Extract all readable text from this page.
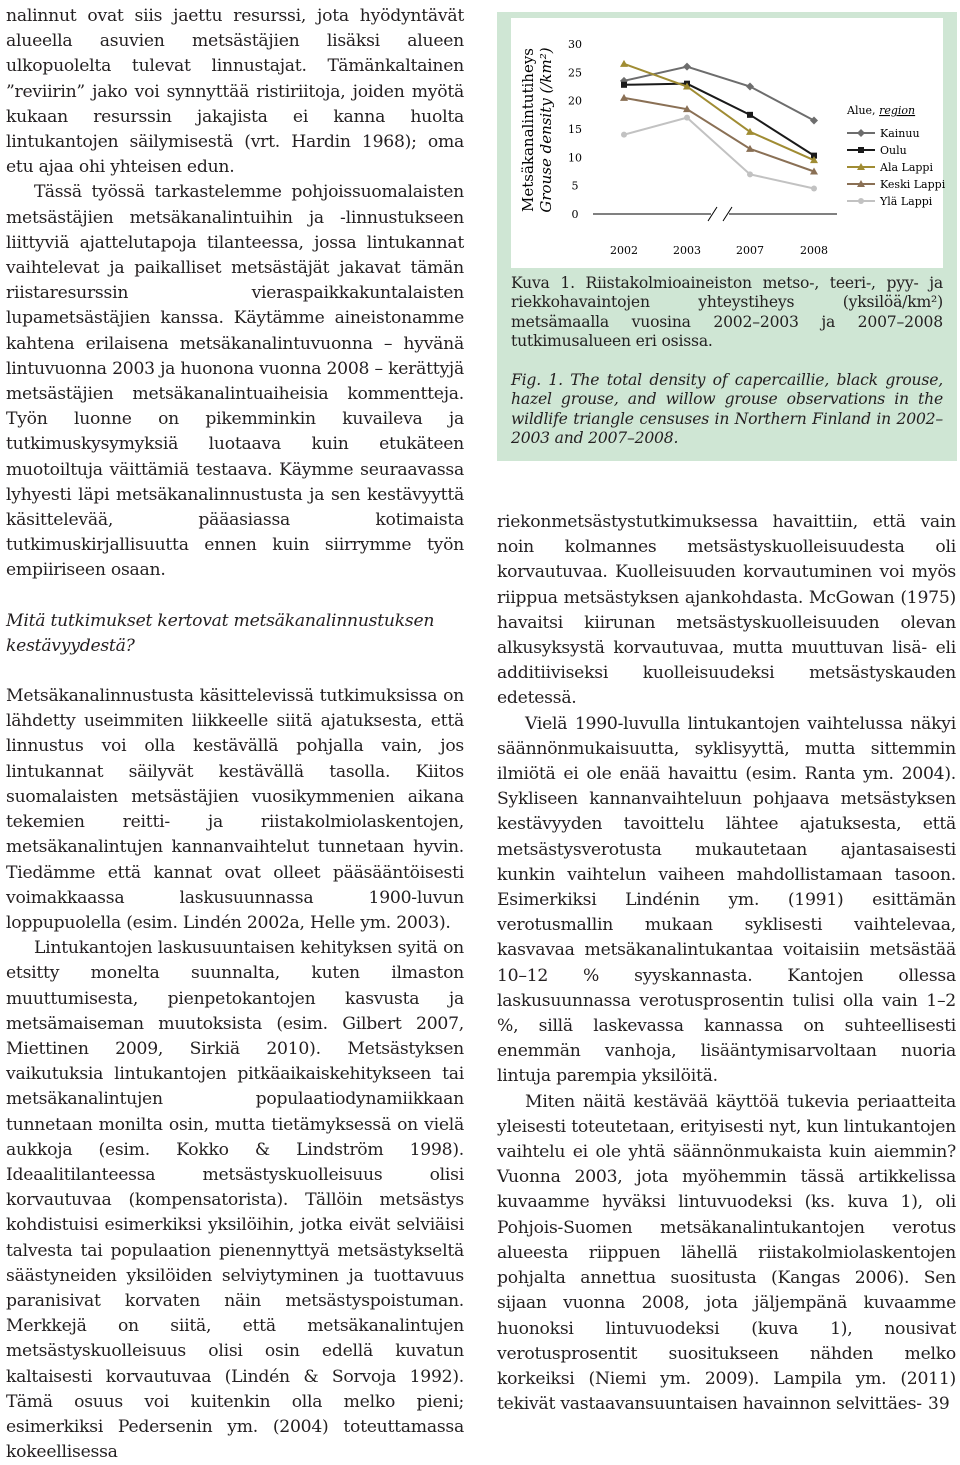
nalinnut ovat siis jaettu resurssi, jota hyödyntävät alueella asuvien metsästäjien lisäksi alueen ulkopuolelta tulevat linnustajat. Tämänkaltainen ”reviirin” jako voi synnyttää ristiriitoja, joiden myötä kukaan resurssin jakajista ei kanna huolta lintukantojen säilymisestä (vrt. Hardin 1968); oma etu ajaa ohi yhteisen edun.

Tässä työssä tarkastelemme pohjoissuomalaisten metsästäjien metsäkanalintuihin ja -linnustukseen liittyviä ajattelutapoja tilanteessa, jossa lintukannat vaihtelevat ja paikalliset metsästäjät jakavat tämän riistaresurssin vieraspaikkakuntalaisten lupametsästäjien kanssa. Käytämme aineistonamme kahtena erilaisena metsäkanalintuvuonna – hyvänä lintuvuonna 2003 ja huonona vuonna 2008 – kerättyjä metsästäjien metsäkanalintuaiheisia kommentteja. Työn luonne on pikemminkin kuvaileva ja tutkimuskysymyksiä luotaava kuin etukäteen muotoiltuja väittämiä testaava. Käymme seuraavassa lyhyesti läpi metsäkanalinnustusta ja sen kestävyyttä käsittelevää, pääasiassa kotimaista tutkimuskirjallisuutta ennen kuin siirrymme työn empiiriseen osaan.

Mitä tutkimukset kertovat metsäkanalinnustuksen kestävyydestä?

Metsäkanalinnustusta käsittelevissä tutkimuksissa on lähdetty useimmiten liikkeelle siitä ajatuksesta, että linnustus voi olla kestävällä pohjalla vain, jos lintukannat säilyvät kestävällä tasolla. Kiitos suomalaisten metsästäjien vuosikymmenien aikana tekemien reitti- ja riistakolmiolaskentojen, metsäkanalintujen kannanvaihtelut tunnetaan hyvin. Tiedämme että kannat ovat olleet pääsääntöisesti voimakkaassa laskusuunnassa 1900-luvun loppupuolella (esim. Lindén 2002a, Helle ym. 2003).

Lintukantojen laskusuuntaisen kehityksen syitä on etsitty monelta suunnalta, kuten ilmaston muuttumisesta, pienpetokantojen kasvusta ja metsämaiseman muutoksista (esim. Gilbert 2007, Miettinen 2009, Sirkiä 2010). Metsästyksen vaikutuksia lintukantojen pitkäaikaiskehitykseen tai metsäkanalintujen populaatiodynamiikkaan tunnetaan monilta osin, mutta tietämyksessä on vielä aukkoja (esim. Kokko & Lindström 1998). Ideaalitilanteessa metsästyskuolleisuus olisi korvautuvaa (kompensatorista). Tällöin metsästys kohdistuisi esimerkiksi yksilöihin, jotka eivät selviäisi talvesta tai populaation pienennyttyä metsästykseltä säästyneiden yksilöiden selviytyminen ja tuottavuus paranisivat korvaten näin metsästyspoistuman. Merkkejä on siitä, että metsäkanalintujen metsästyskuolleisuus olisi osin edellä kuvatun kaltaisesti korvautuvaa (Lindén & Sorvoja 1992). Tämä osuus voi kuitenkin olla melko pieni; esimerkiksi Pedersenin ym. (2004) toteuttamassa kokeellisessa

MetsäkanalintutiheysGrouse density (/km²)
0
5
10
15
20
25
30
2002	2003	2007	2008
Alue, region
Kainuu
Oulu
Ala Lappi
Keski Lappi
Ylä Lappi

Kuva 1. Riistakolmioaineiston metso-, teeri-, pyy- ja riekkohavaintojen yhteystiheys (yksilöä/km²) metsämaalla vuosina 2002–2003 ja 2007–2008 tutkimusalueen eri osissa.

Fig. 1. The total density of capercaillie, black grouse, hazel grouse, and willow grouse observations in the wildlife triangle censuses in Northern Finland in 2002–2003 and 2007–2008.

riekonmetsästystutkimuksessa havaittiin, että vain noin kolmannes metsästyskuolleisuudesta oli korvautuvaa. Kuolleisuuden korvautuminen voi myös riippua metsästyksen ajankohdasta. McGowan (1975) havaitsi kiirunan metsästyskuolleisuuden olevan alkusyksystä korvautuvaa, mutta muuttuvan lisä- eli additiiviseksi kuolleisuudeksi metsästyskauden edetessä.

Vielä 1990-luvulla lintukantojen vaihtelussa näkyi säännönmukaisuutta, syklisyyttä, mutta sittemmin ilmiötä ei ole enää havaittu (esim. Ranta ym. 2004). Sykliseen kannanvaihteluun pohjaava metsästyksen kestävyyden tavoittelu lähtee ajatuksesta, että metsästysverotusta mukautetaan ajantasaisesti kunkin vaihtelun vaiheen mahdollistamaan tasoon. Esimerkiksi Lindénin ym. (1991) esittämän verotusmallin mukaan syklisesti vaihtelevaa, kasvavaa metsäkanalintukantaa voitaisiin metsästää 10–12 % syyskannasta. Kantojen ollessa laskusuunnassa verotusprosentin tulisi olla vain 1–2 %, sillä laskevassa kannassa on suhteellisesti enemmän vanhoja, lisääntymisarvoltaan nuoria lintuja parempia yksilöitä.

Miten näitä kestävää käyttöä tukevia periaatteita yleisesti toteutetaan, erityisesti nyt, kun lintukantojen vaihtelu ei ole yhtä säännönmukaista kuin aiemmin? Vuonna 2003, jota myöhemmin tässä artikkelissa kuvaamme hyväksi lintuvuodeksi (ks. kuva 1), oli Pohjois-Suomen metsäkanalintukantojen verotus alueesta riippuen lähellä riistakolmiolaskentojen pohjalta annettua suositusta (Kangas 2006). Sen sijaan vuonna 2008, jota jäljempänä kuvaamme huonoksi lintuvuodeksi (kuva 1), nousivat verotusprosentit suositukseen nähden melko korkeiksi (Niemi ym. 2009). Lampila ym. (2011) tekivät vastaavansuuntaisen havainnon selvittäes- 39
